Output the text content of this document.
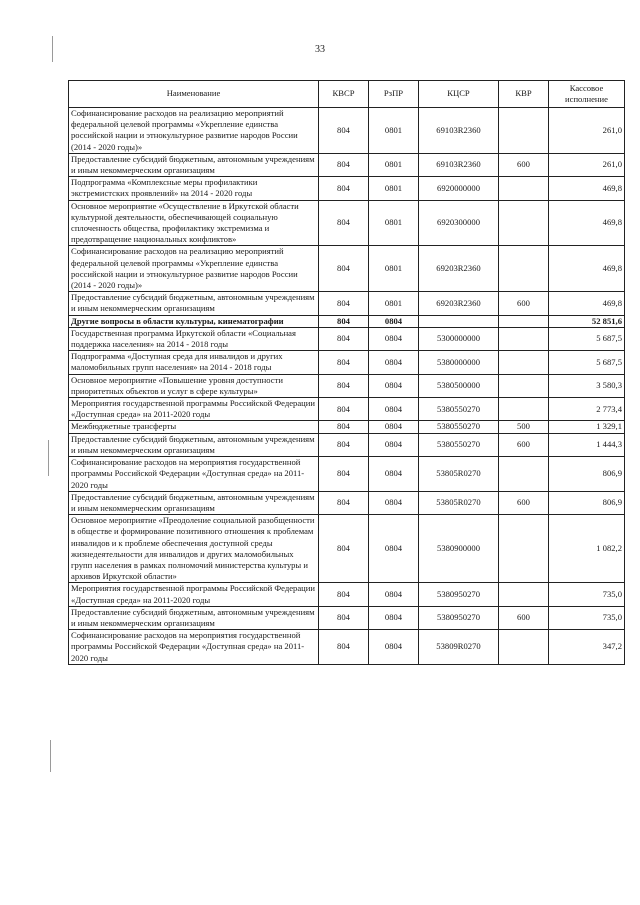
33
Наименование	КВСР	РзПР	КЦСР	КВР	Кассовое исполнение
Софинансирование расходов на реализацию мероприятий федеральной целевой программы «Укрепление единства российской нации и этнокультурное развитие народов России (2014 - 2020 годы)»	804	0801	69103R2360		261,0
Предоставление субсидий бюджетным, автономным учреждениям и иным некоммерческим организациям	804	0801	69103R2360	600	261,0
Подпрограмма «Комплексные меры профилактики экстремистских проявлений» на 2014 - 2020 годы	804	0801	6920000000		469,8
Основное мероприятие «Осуществление в Иркутской области культурной деятельности, обеспечивающей социальную сплоченность общества, профилактику экстремизма и предотвращение национальных конфликтов»	804	0801	6920300000		469,8
Софинансирование расходов на реализацию мероприятий федеральной целевой программы «Укрепление единства российской нации и этнокультурное развитие народов России (2014 - 2020 годы)»	804	0801	69203R2360		469,8
Предоставление субсидий бюджетным, автономным учреждениям и иным некоммерческим организациям	804	0801	69203R2360	600	469,8
Другие вопросы в области культуры, кинематографии	804	0804			52 851,6
Государственная программа Иркутской области «Социальная поддержка населения» на 2014 - 2018 годы	804	0804	5300000000		5 687,5
Подпрограмма «Доступная среда для инвалидов и других маломобильных групп населения» на 2014 - 2018 годы	804	0804	5380000000		5 687,5
Основное мероприятие «Повышение уровня доступности приоритетных объектов и услуг в сфере культуры»	804	0804	5380500000		3 580,3
Мероприятия государственной программы Российской Федерации «Доступная среда» на 2011-2020 годы	804	0804	5380550270		2 773,4
Межбюджетные трансферты	804	0804	5380550270	500	1 329,1
Предоставление субсидий бюджетным, автономным учреждениям и иным некоммерческим организациям	804	0804	5380550270	600	1 444,3
Софинансирование расходов на мероприятия государственной программы Российской Федерации «Доступная среда» на 2011-2020 годы	804	0804	53805R0270		806,9
Предоставление субсидий бюджетным, автономным учреждениям и иным некоммерческим организациям	804	0804	53805R0270	600	806,9
Основное мероприятие «Преодоление социальной разобщенности в обществе и формирование позитивного отношения к проблемам инвалидов и к проблеме обеспечения доступной среды жизнедеятельности для инвалидов и других маломобильных групп населения в рамках полномочий министерства культуры и архивов Иркутской области»	804	0804	5380900000		1 082,2
Мероприятия государственной программы Российской Федерации «Доступная среда» на 2011-2020 годы	804	0804	5380950270		735,0
Предоставление субсидий бюджетным, автономным учреждениям и иным некоммерческим организациям	804	0804	5380950270	600	735,0
Софинансирование расходов на мероприятия государственной программы Российской Федерации «Доступная среда» на 2011-2020 годы	804	0804	53809R0270		347,2
